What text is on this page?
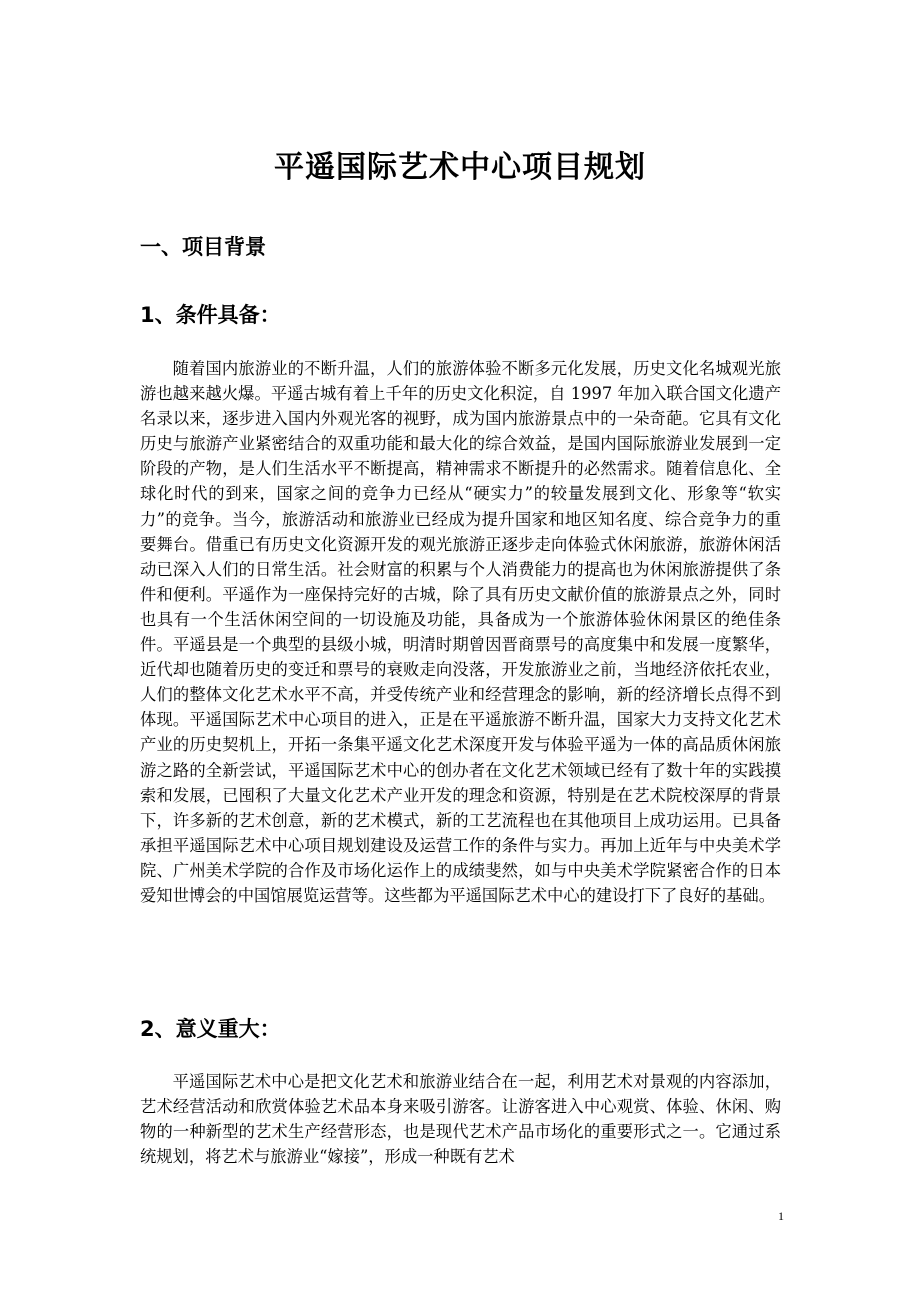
平遥国际艺术中心项目规划
一、项目背景
1、条件具备：

随着国内旅游业的不断升温，人们的旅游体验不断多元化发展，历史文化名城观光旅游也越来越火爆。平遥古城有着上千年的历史文化积淀，自 1997 年加入联合国文化遗产名录以来，逐步进入国内外观光客的视野，成为国内旅游景点中的一朵奇葩。它具有文化历史与旅游产业紧密结合的双重功能和最大化的综合效益，是国内国际旅游业发展到一定阶段的产物，是人们生活水平不断提高，精神需求不断提升的必然需求。随着信息化、全球化时代的到来，国家之间的竞争力已经从“硬实力”的较量发展到文化、形象等“软实力”的竞争。当今，旅游活动和旅游业已经成为提升国家和地区知名度、综合竞争力的重要舞台。借重已有历史文化资源开发的观光旅游正逐步走向体验式休闲旅游，旅游休闲活动已深入人们的日常生活。社会财富的积累与个人消费能力的提高也为休闲旅游提供了条件和便利。平遥作为一座保持完好的古城，除了具有历史文献价值的旅游景点之外，同时也具有一个生活休闲空间的一切设施及功能，具备成为一个旅游体验休闲景区的绝佳条件。平遥县是一个典型的县级小城，明清时期曾因晋商票号的高度集中和发展一度繁华，近代却也随着历史的变迁和票号的衰败走向没落，开发旅游业之前，当地经济依托农业，人们的整体文化艺术水平不高，并受传统产业和经营理念的影响，新的经济增长点得不到体现。平遥国际艺术中心项目的进入，正是在平遥旅游不断升温，国家大力支持文化艺术产业的历史契机上，开拓一条集平遥文化艺术深度开发与体验平遥为一体的高品质休闲旅游之路的全新尝试，平遥国际艺术中心的创办者在文化艺术领域已经有了数十年的实践摸索和发展，已囤积了大量文化艺术产业开发的理念和资源，特别是在艺术院校深厚的背景下，许多新的艺术创意，新的艺术模式，新的工艺流程也在其他项目上成功运用。已具备承担平遥国际艺术中心项目规划建设及运营工作的条件与实力。再加上近年与中央美术学院、广州美术学院的合作及市场化运作上的成绩斐然，如与中央美术学院紧密合作的日本爱知世博会的中国馆展览运营等。这些都为平遥国际艺术中心的建设打下了良好的基础。

2、意义重大：

平遥国际艺术中心是把文化艺术和旅游业结合在一起，利用艺术对景观的内容添加，艺术经营活动和欣赏体验艺术品本身来吸引游客。让游客进入中心观赏、体验、休闲、购物的一种新型的艺术生产经营形态，也是现代艺术产品市场化的重要形式之一。它通过系统规划，将艺术与旅游业“嫁接”，形成一种既有艺术

1
